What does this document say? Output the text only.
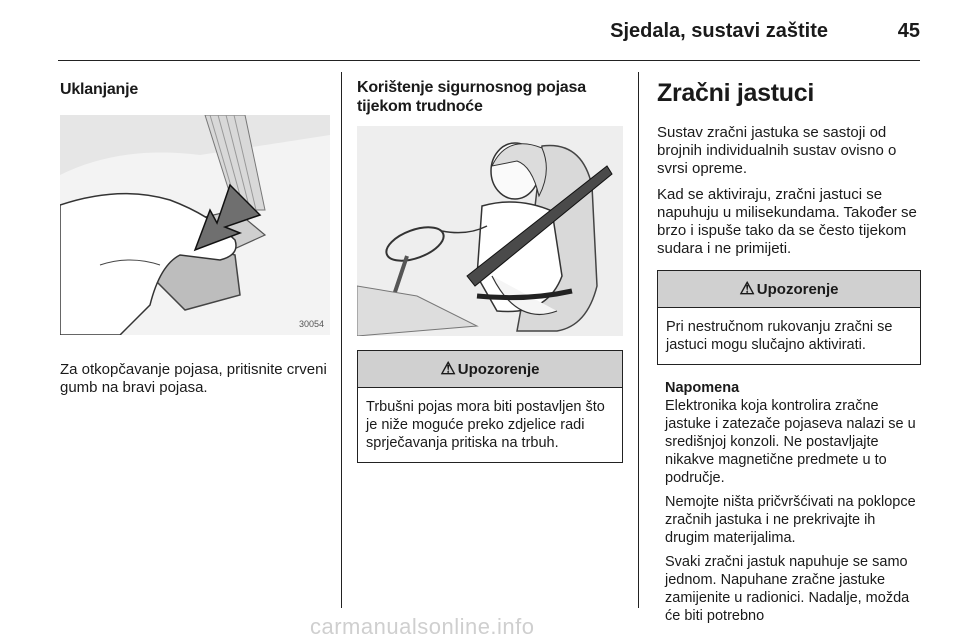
Sjedala, sustavi zaštite	45
Uklanjanje
30054

Za otkopčavanje pojasa, pritisnite crveni gumb na bravi pojasa.

Korištenje sigurnosnog pojasa tijekom trudnoće
⚠ Upozorenje
Trbušni pojas mora biti postavljen što je niže moguće preko zdjelice radi sprječavanja pritiska na trbuh.
Zračni jastuci

Sustav zračni jastuka se sastoji od brojnih individualnih sustav ovisno o svrsi opreme.

Kad se aktiviraju, zračni jastuci se napuhuju u milisekundama. Također se brzo i ispuše tako da se često tijekom sudara i ne primijeti.

⚠ Upozorenje
Pri nestručnom rukovanju zračni se jastuci mogu slučajno aktivirati.
Napomena

Elektronika koja kontrolira zračne jastuke i zatezače pojaseva nalazi se u središnjoj konzoli. Ne postavljajte nikakve magnetične predmete u to područje.

Nemojte ništa pričvršćivati na poklopce zračnih jastuka i ne prekrivajte ih drugim materijalima.

Svaki zračni jastuk napuhuje se samo jednom. Napuhane zračne jastuke zamijenite u radionici. Nadalje, možda će biti potrebno

carmanualsonline.info
